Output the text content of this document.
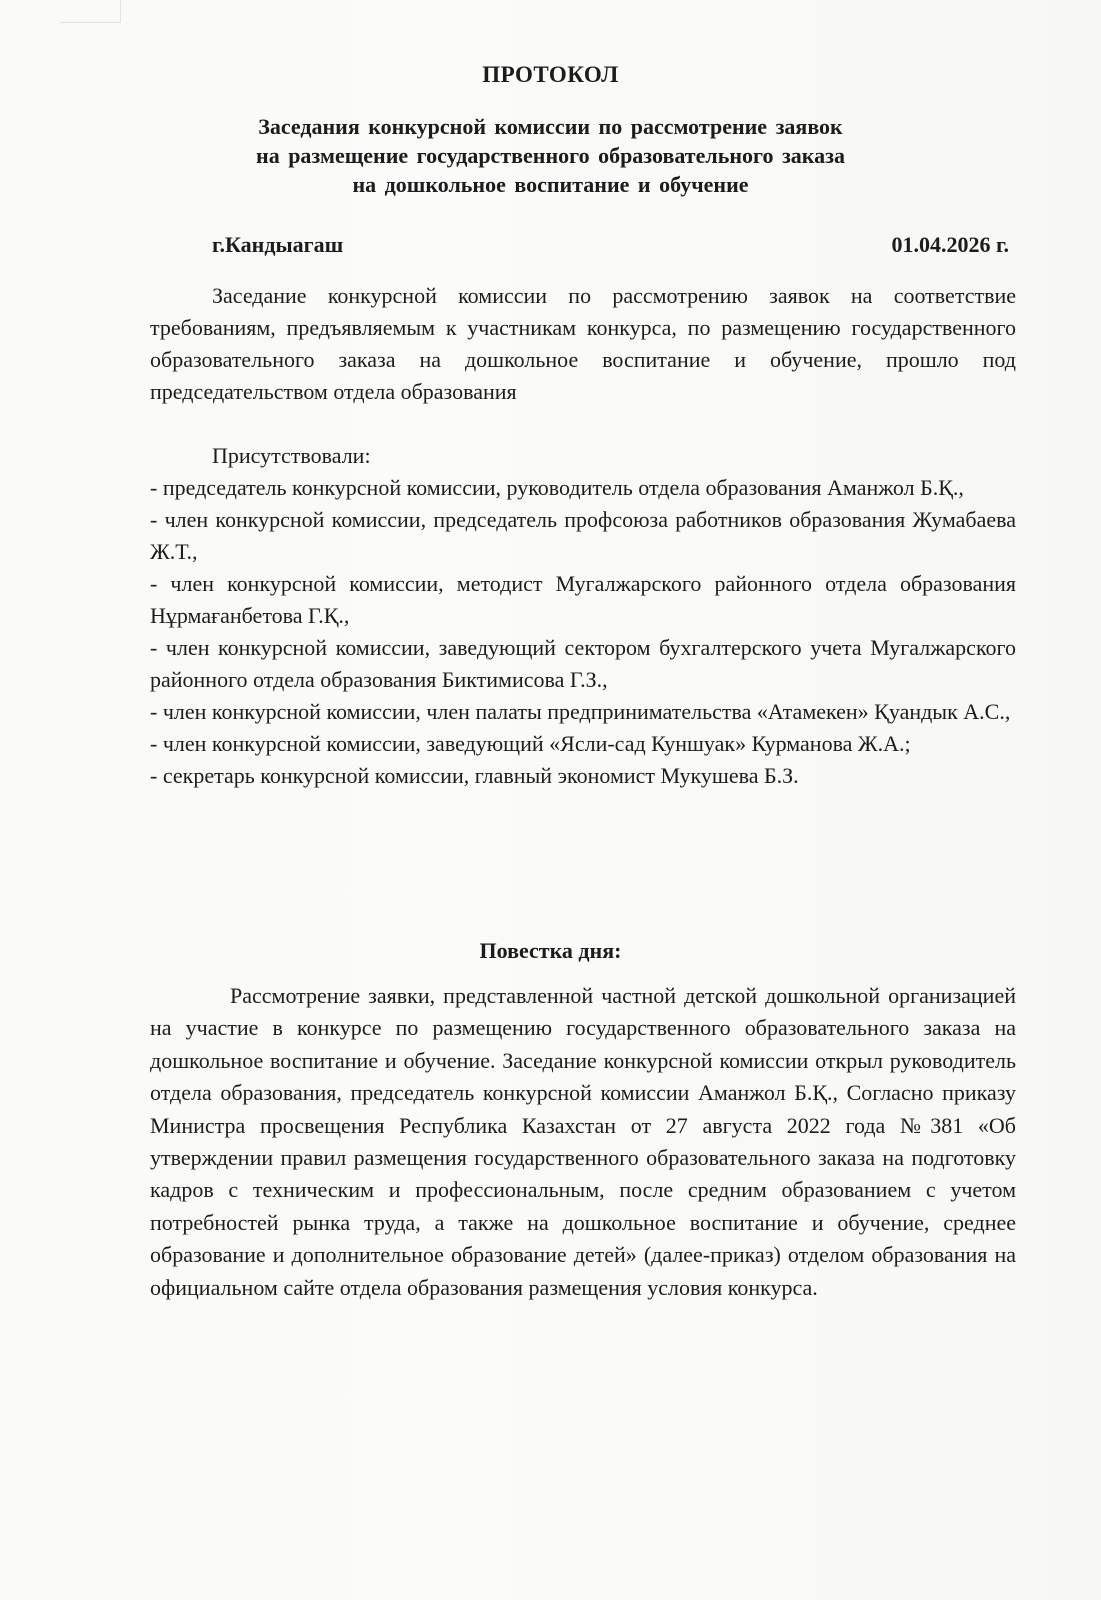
ПРОТОКОЛ
Заседания конкурсной комиссии по рассмотрение заявок
на размещение государственного образовательного заказа
на дошкольное воспитание и обучение
г.Кандыагаш	01.04.2026 г.
Заседание конкурсной комиссии по рассмотрению заявок на соответствие требованиям, предъявляемым к участникам конкурса, по размещению государственного образовательного заказа на дошкольное воспитание и обучение, прошло под председательством отдела образования
Присутствовали:
- председатель конкурсной комиссии, руководитель отдела образования Аманжол Б.Қ.,
- член конкурсной комиссии, председатель профсоюза работников образования Жумабаева Ж.Т.,
- член конкурсной комиссии, методист Мугалжарского районного отдела образования Нұрмағанбетова Г.Қ.,
- член конкурсной комиссии, заведующий сектором бухгалтерского учета Мугалжарского районного отдела образования Биктимисова Г.З.,
- член конкурсной комиссии, член палаты предпринимательства «Атамекен» Қуандык А.С.,
- член конкурсной комиссии, заведующий «Ясли-сад Куншуак» Курманова Ж.А.;
- секретарь конкурсной комиссии, главный экономист Мукушева Б.З.
Повестка дня:
Рассмотрение заявки, представленной частной детской дошкольной организацией на участие в конкурсе по размещению государственного образовательного заказа на дошкольное воспитание и обучение. Заседание конкурсной комиссии открыл руководитель отдела образования, председатель конкурсной комиссии Аманжол Б.Қ., Согласно приказу Министра просвещения Республика Казахстан от 27 августа 2022 года №381 «Об утверждении правил размещения государственного образовательного заказа на подготовку кадров с техническим и профессиональным, после средним образованием с учетом потребностей рынка труда, а также на дошкольное воспитание и обучение, среднее образование и дополнительное образование детей» (далее-приказ) отделом образования на официальном сайте отдела образования размещения условия конкурса.
